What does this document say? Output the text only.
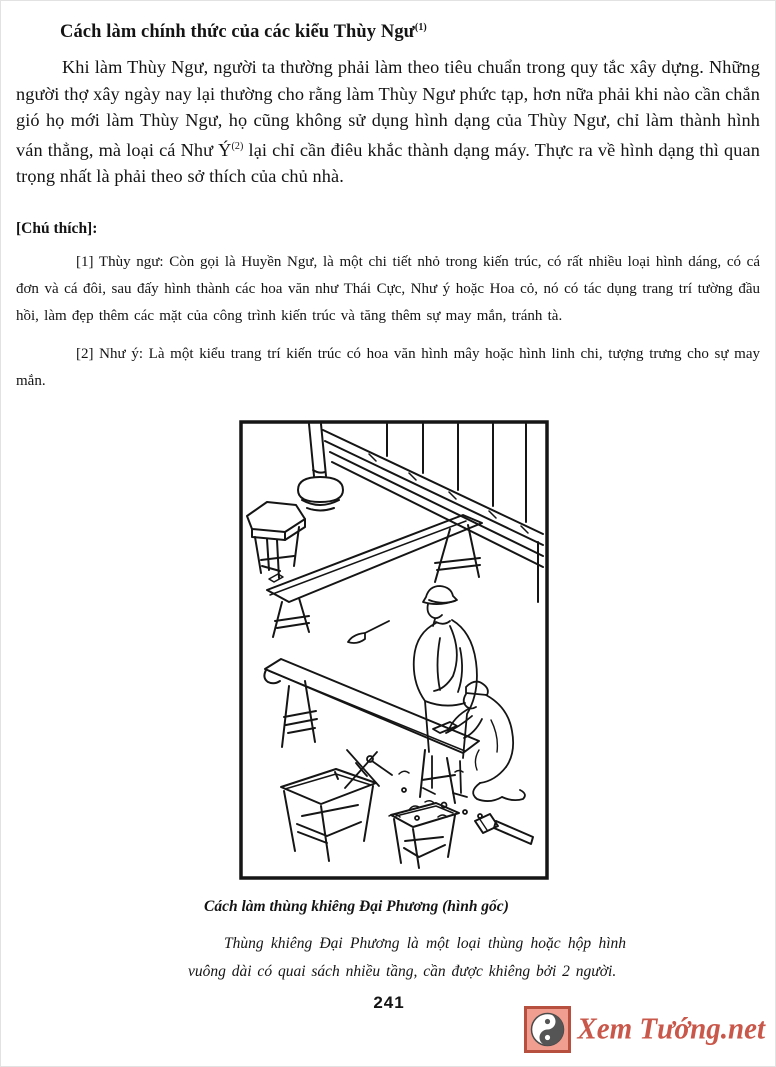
Cách làm chính thức của các kiểu Thùy Ngư$^{(1)}$

Khi làm Thùy Ngư, người ta thường phải làm theo tiêu chuẩn trong quy tắc xây dựng. Những người thợ xây ngày nay lại thường cho rằng làm Thùy Ngư phức tạp, hơn nữa phải khi nào cần chắn gió họ mới làm Thùy Ngư, họ cũng không sử dụng hình dạng của Thùy Ngư, chỉ làm thành hình ván thẳng, mà loại cá Như $Ý^{(2)}$ lại chỉ cần điêu khắc thành dạng máy. Thực ra về hình dạng thì quan trọng nhất là phải theo sở thích của chủ nhà.

[Chú thích]:

[1] Thùy ngư: Còn gọi là Huyền Ngư, là một chi tiết nhỏ trong kiến trúc, có rất nhiều loại hình dáng, có cá đơn và cá đôi, sau đấy hình thành các hoa văn như Thái Cực, Như ý hoặc Hoa cỏ, nó có tác dụng trang trí tường đầu hồi, làm đẹp thêm các mặt của công trình kiến trúc và tăng thêm sự may mắn, tránh tà.

[2] Như ý: Là một kiểu trang trí kiến trúc có hoa văn hình mây hoặc hình linh chi, tượng trưng cho sự may mắn.

Cách làm thùng khiêng Đại Phương (hình gốc)
Thùng khiêng Đại Phương là một loại thùng hoặc hộp hình vuông dài có quai sách nhiều tầng, cần được khiêng bởi 2 người.
241
Xem Tướng.net
